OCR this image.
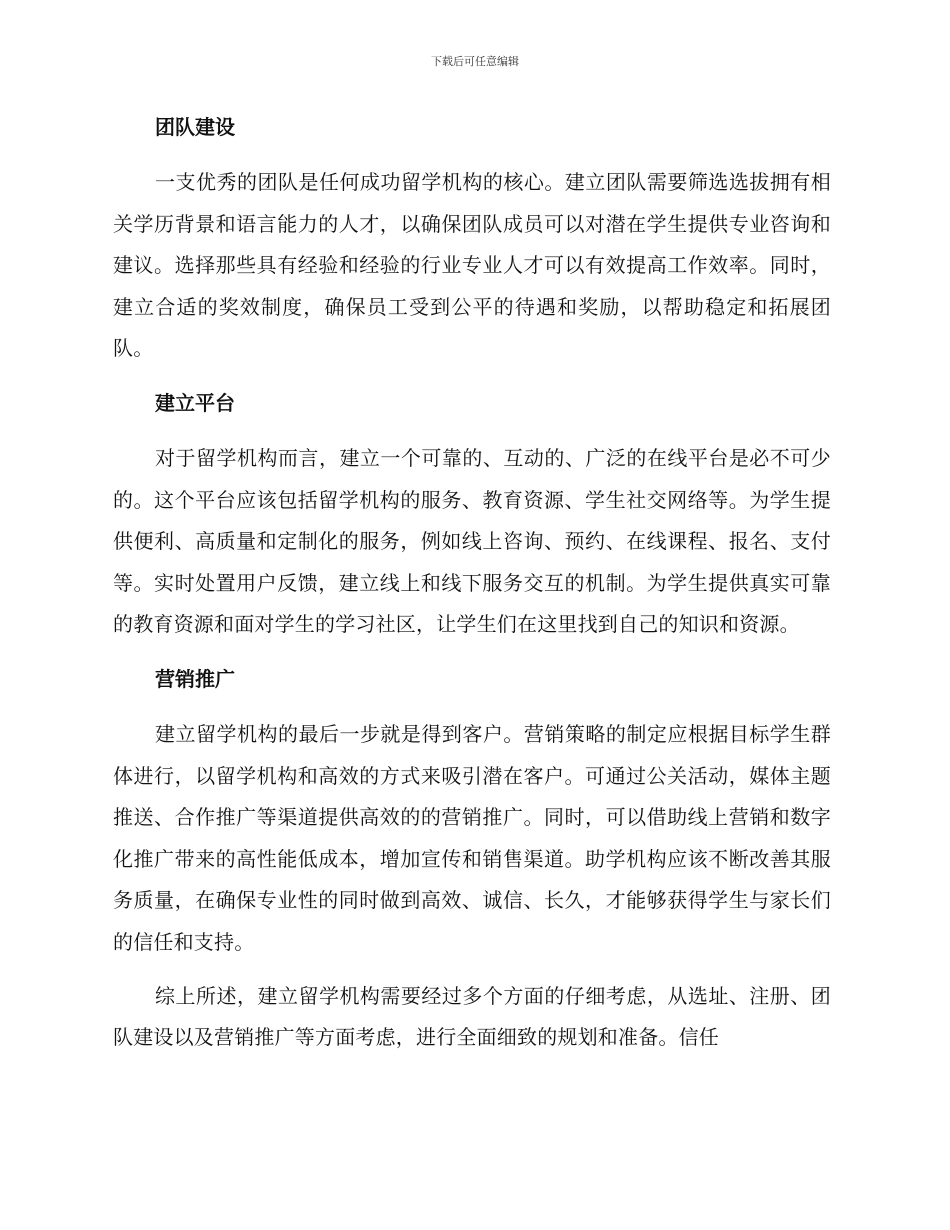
下载后可任意编辑
团队建设

一支优秀的团队是任何成功留学机构的核心。建立团队需要筛选选拔拥有相关学历背景和语言能力的人才，以确保团队成员可以对潜在学生提供专业咨询和建议。选择那些具有经验和经验的行业专业人才可以有效提高工作效率。同时，建立合适的奖效制度，确保员工受到公平的待遇和奖励，以帮助稳定和拓展团队。

建立平台

对于留学机构而言，建立一个可靠的、互动的、广泛的在线平台是必不可少的。这个平台应该包括留学机构的服务、教育资源、学生社交网络等。为学生提供便利、高质量和定制化的服务，例如线上咨询、预约、在线课程、报名、支付等。实时处置用户反馈，建立线上和线下服务交互的机制。为学生提供真实可靠的教育资源和面对学生的学习社区，让学生们在这里找到自己的知识和资源。

营销推广

建立留学机构的最后一步就是得到客户。营销策略的制定应根据目标学生群体进行，以留学机构和高效的方式来吸引潜在客户。可通过公关活动，媒体主题推送、合作推广等渠道提供高效的的营销推广。同时，可以借助线上营销和数字化推广带来的高性能低成本，增加宣传和销售渠道。助学机构应该不断改善其服务质量，在确保专业性的同时做到高效、诚信、长久，才能够获得学生与家长们的信任和支持。

综上所述，建立留学机构需要经过多个方面的仔细考虑，从选址、注册、团队建设以及营销推广等方面考虑，进行全面细致的规划和准备。信任
